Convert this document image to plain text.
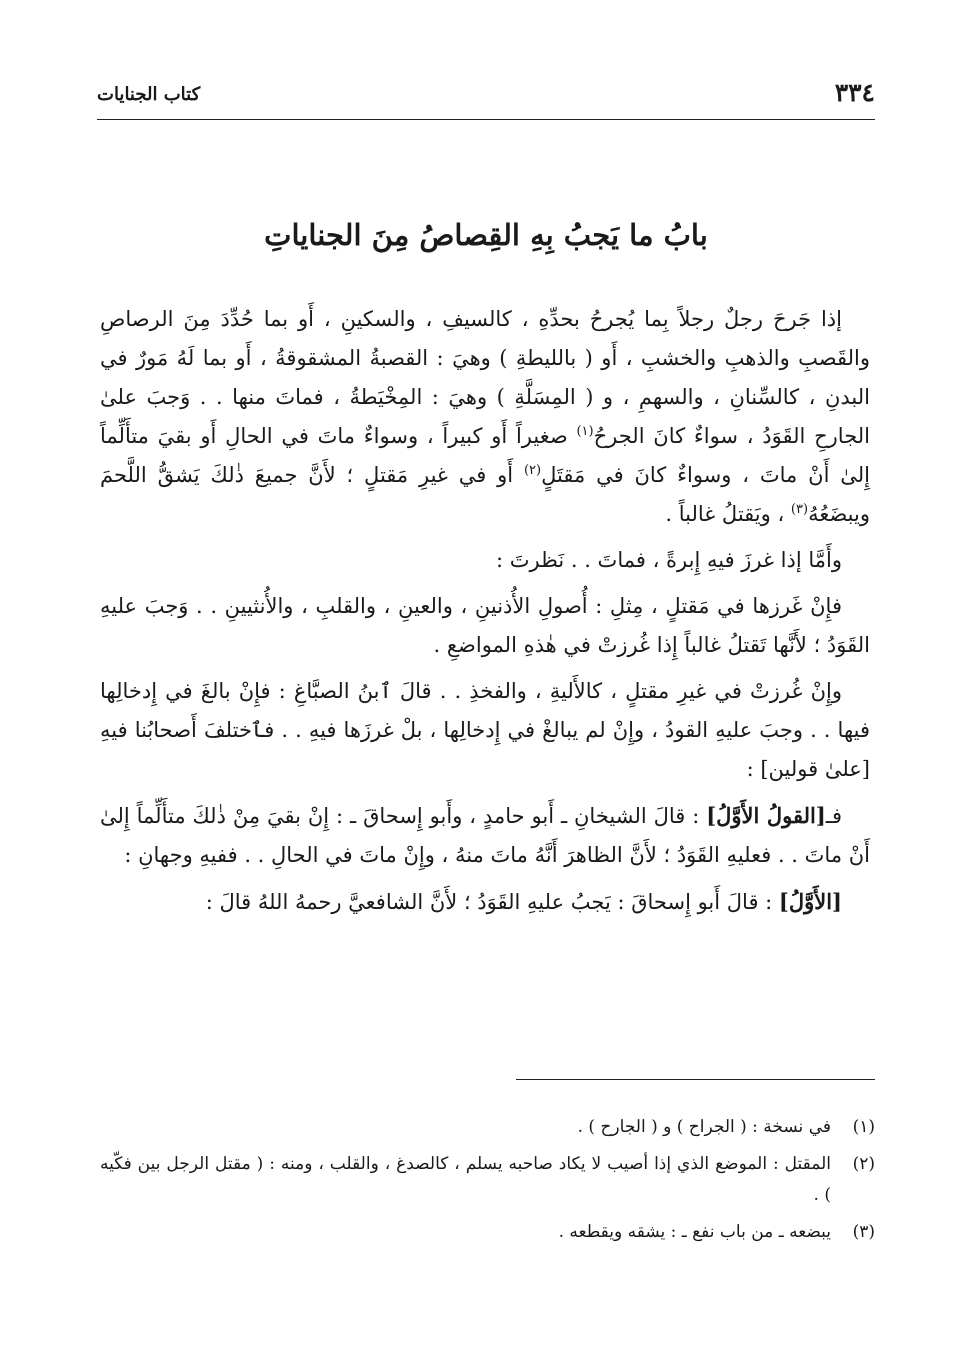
٣٣٤
كتاب الجنايات
بابُ ما يَجبُ بِهِ القِصاصُ مِنَ الجناياتِ

إذا جَرحَ رجلٌ رجلاً بِما يُجرحُ بحدِّهِ ، كالسيفِ ، والسكينِ ، أَو بما حُدِّدَ مِنَ الرصاصِ والقَصبِ والذهبِ والخشبِ ، أَو ( بالليطةِ ) وهيَ : القصبةُ المشقوقةُ ، أَو بما لَهُ مَورٌ في البدنِ ، كالسِّنانِ ، والسهمِ ، و ( المِسَلَّةِ ) وهيَ : المِخْيَطةُ ، فماتَ منها . . وَجبَ علىٰ الجارحِ القَوَدُ ، سواءٌ كانَ الجرحُ$^{(١)}$ صغيراً أَو كبيراً ، وسواءٌ ماتَ في الحالِ أَو بقيَ متأَلِّماً إِلىٰ أَنْ ماتَ ، وسواءٌ كانَ في مَقتَلٍ$^{(٢)}$ أَو في غيرِ مَقتلٍ ؛ لأَنَّ جميعَ ذٰلكَ يَشقُّ اللَّحمَ ويبضَعُهُ$^{(٣)}$ ، ويَقتلُ غالباً .

وأَمَّا إذا غرزَ فيهِ إِبرةً ، فماتَ . . نَظرتَ :

فإِنْ غَرزها في مَقتلٍ ، مِثلِ : أُصولِ الأُذنينِ ، والعينِ ، والقلبِ ، والأُنثيينِ . . وَجبَ عليهِ القَوَدُ ؛ لأَنَّها تَقتلُ غالباً إِذا غُرزتْ في هٰذهِ المواضعِ .

وإِنْ غُرزتْ في غيرِ مقتلٍ ، كالأَليةِ ، والفخذِ . . قالَ ٱبنُ الصبَّاغِ : فإِنْ بالغَ في إِدخالِها فيها . . وجبَ عليهِ القودُ ، وإِنْ لم يبالغْ في إِدخالِها ، بلْ غرزَها فيهِ . . فٱختلفَ أَصحابُنا فيهِ [علىٰ قولين] :

فـ[القولُ الأَوَّلُ] : قالَ الشيخانِ ـ أَبو حامدٍ ، وأَبو إِسحاقَ ـ : إِنْ بقيَ مِنْ ذٰلكَ متأَلِّماً إِلىٰ أَنْ ماتَ . . فعليهِ القَوَدُ ؛ لأَنَّ الظاهرَ أَنَّهُ ماتَ منهُ ، وإِنْ ماتَ في الحالِ . . ففيهِ وجهانِ :

[الأَوَّلُ] : قالَ أَبو إِسحاقَ : يَجبُ عليهِ القَوَدُ ؛ لأَنَّ الشافعيَّ رحمهُ اللهُ قالَ :

(١)
في نسخة : ( الجراح ) و ( الجارح ) .
(٢)
المقتل : الموضع الذي إذا أصيب لا يكاد صاحبه يسلم ، كالصدغ ، والقلب ، ومنه : ( مقتل الرجل بين فكّيه ) .
(٣)
يبضعه ـ من باب نفع ـ : يشقه ويقطعه .
